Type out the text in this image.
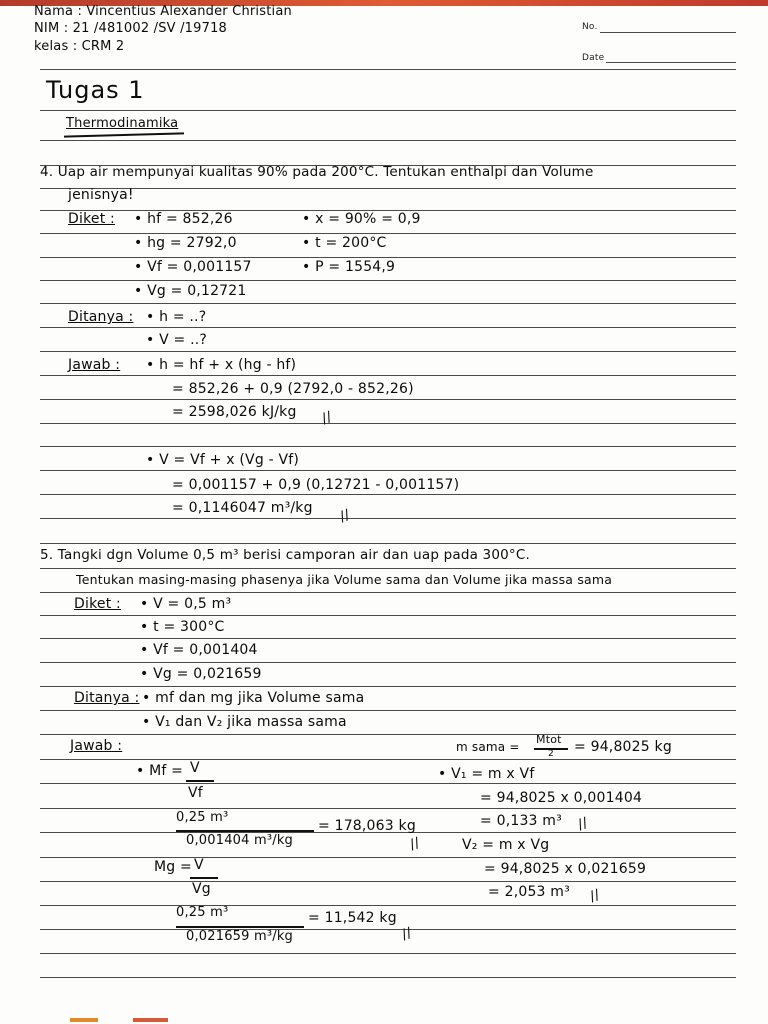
Nama : Vincentius Alexander Christian
NIM : 21 /481002 /SV /19718
kelas : CRM 2
No.
Date
Tugas 1
Thermodinamika
4. Uap air mempunyai kualitas 90% pada 200°C. Tentukan enthalpi dan Volume
jenisnya!
Diket : • hf = 852,26
• hg = 2792,0
• Vf = 0,001157
• Vg = 0,12721
• x = 90% = 0,9
• t = 200°C
• P = 1554,9
Ditanya : • h = ..?
• V = ..?
Jawab : • h = hf + x (hg - hf)
= 852,26 + 0,9 (2792,0 - 852,26)
= 2598,026 kJ/kg //
• V = Vf + x (Vg - Vf)
= 0,001157 + 0,9 (0,12721 - 0,001157)
= 0,1146047 m³/kg //
5. Tangki dgn Volume 0,5 m³ berisi camporan air dan uap pada 300°C.
Tentukan masing-masing phasenya jika Volume sama dan Volume jika massa sama
Diket : • V = 0,5 m³
• t = 300°C
• Vf = 0,001404
• Vg = 0,021659
Ditanya : • mf dan mg jika Volume sama
• V₁ dan V₂ jika massa sama
Jawab :	m sama =
Mtot
2 = 94,8025 kg
• Mf = V
Vf
0,25 m³
0,001404 m³/kg
= 178,063 kg
//
Mg = V
Vg
0,25 m³
0,021659 m³/kg
= 11,542 kg
//
• V₁ = m x Vf
= 94,8025 x 0,001404
= 0,133 m³ //
V₂ = m x Vg
= 94,8025 x 0,021659
= 2,053 m³ //
